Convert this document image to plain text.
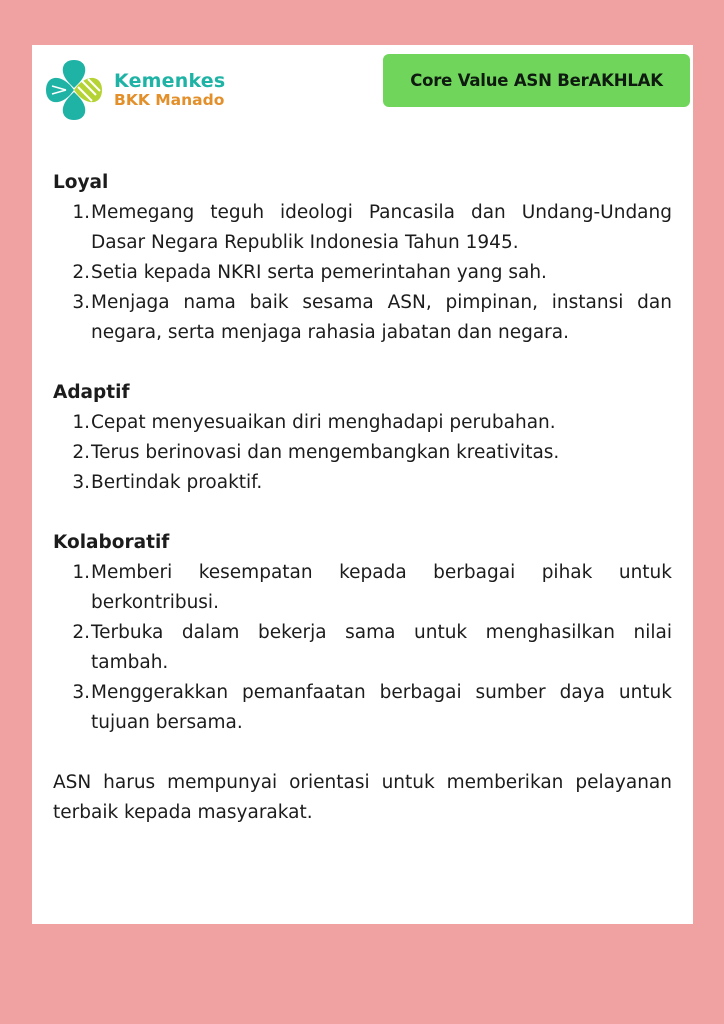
Kemenkes
BKK Manado
Core Value ASN BerAKHLAK
Loyal
1. Memegang teguh ideologi Pancasila dan Undang-Undang Dasar Negara Republik Indonesia Tahun 1945.
2. Setia kepada NKRI serta pemerintahan yang sah.
3. Menjaga nama baik sesama ASN, pimpinan, instansi dan negara, serta menjaga rahasia jabatan dan negara.
Adaptif
1. Cepat menyesuaikan diri menghadapi perubahan.
2. Terus berinovasi dan mengembangkan kreativitas.
3. Bertindak proaktif.
Kolaboratif
1. Memberi kesempatan kepada berbagai pihak untuk berkontribusi.
2. Terbuka dalam bekerja sama untuk menghasilkan nilai tambah.
3. Menggerakkan pemanfaatan berbagai sumber daya untuk tujuan bersama.
ASN harus mempunyai orientasi untuk memberikan pelayanan terbaik kepada masyarakat.
